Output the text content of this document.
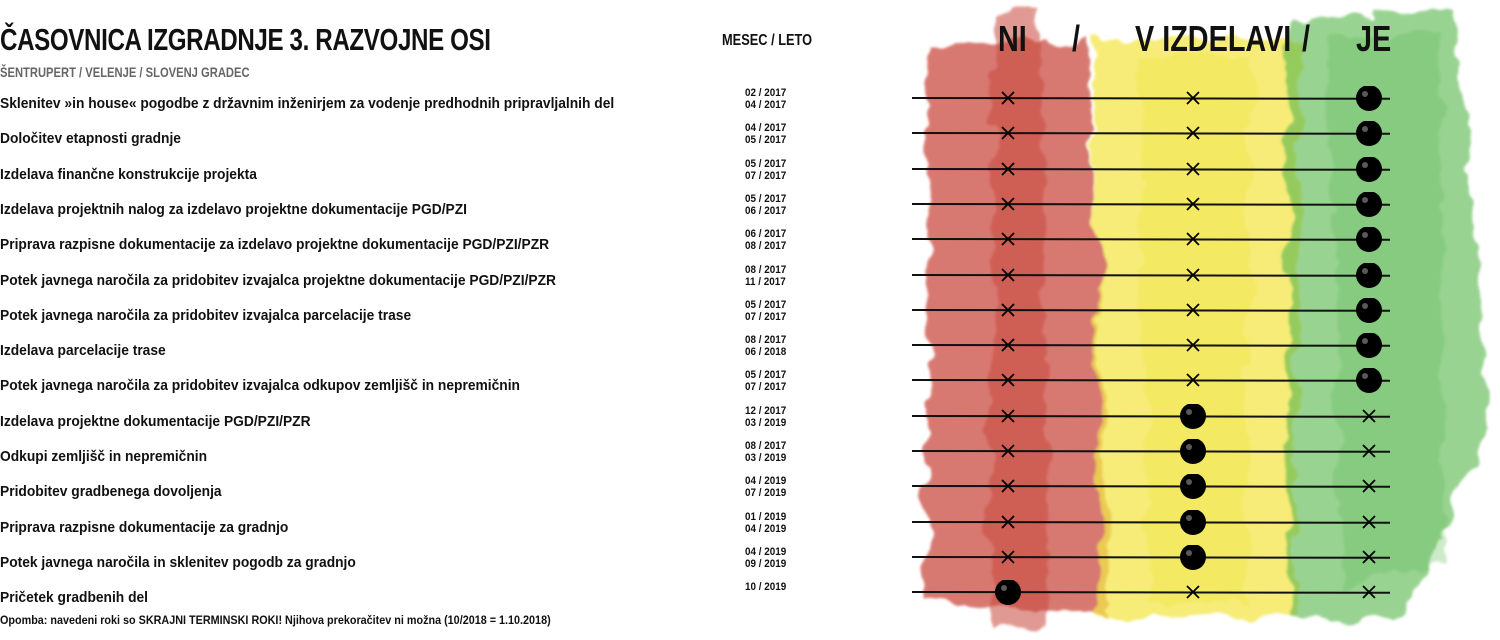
ČASOVNICA IZGRADNJE 3. RAZVOJNE OSI
ŠENTRUPERT / VELENJE / SLOVENJ GRADEC
MESEC / LETO	NI / V IZDELAVI / JE
Sklenitev »in house« pogodbe z državnim inženirjem za vodenje predhodnih pripravljalnih del
02 / 2017
04 / 2017
Določitev etapnosti gradnje
04 / 2017
05 / 2017
Izdelava finančne konstrukcije projekta
05 / 2017
07 / 2017
Izdelava projektnih nalog za izdelavo projektne dokumentacije PGD/PZI
05 / 2017
06 / 2017
Priprava razpisne dokumentacije za izdelavo projektne dokumentacije PGD/PZI/PZR
06 / 2017
08 / 2017
Potek javnega naročila za pridobitev izvajalca projektne dokumentacije PGD/PZI/PZR
08 / 2017
11 / 2017
Potek javnega naročila za pridobitev izvajalca parcelacije trase
05 / 2017
07 / 2017
Izdelava parcelacije trase
08 / 2017
06 / 2018
Potek javnega naročila za pridobitev izvajalca odkupov zemljišč in nepremičnin
05 / 2017
07 / 2017
Izdelava projektne dokumentacije PGD/PZI/PZR
12 / 2017
03 / 2019
Odkupi zemljišč in nepremičnin
08 / 2017
03 / 2019
Pridobitev gradbenega dovoljenja
04 / 2019
07 / 2019
Priprava razpisne dokumentacije za gradnjo
01 / 2019
04 / 2019
Potek javnega naročila in sklenitev pogodb za gradnjo
04 / 2019
09 / 2019
Pričetek gradbenih del
10 / 2019
Opomba: navedeni roki so SKRAJNI TERMINSKI ROKI! Njihova prekoračitev ni možna (10/2018 = 1.10.2018)
